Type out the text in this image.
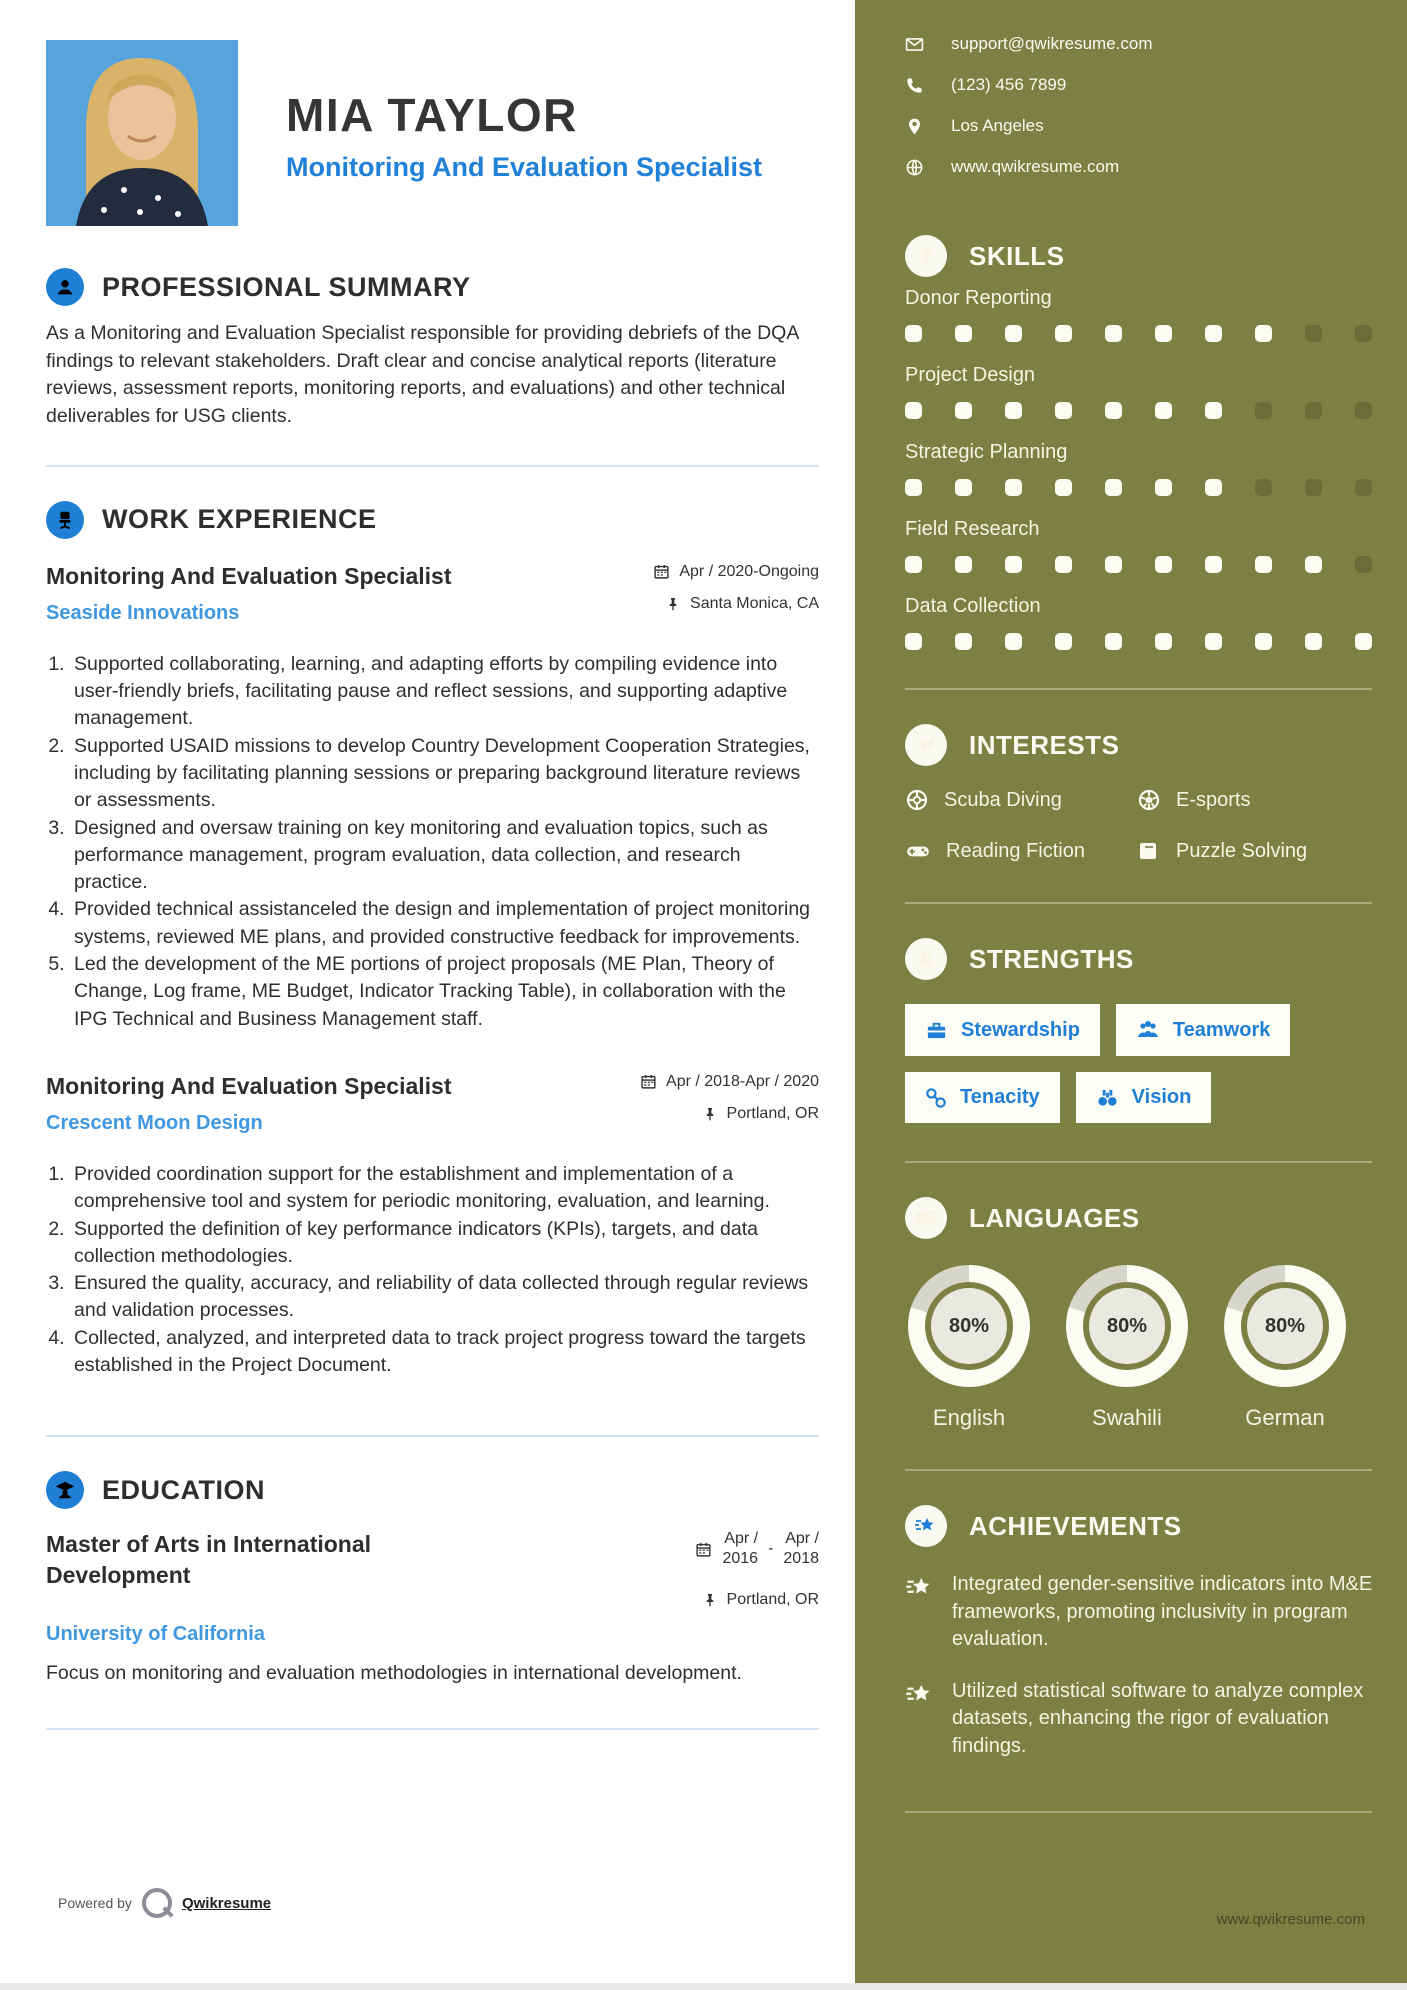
MIA TAYLOR
Monitoring And Evaluation Specialist
PROFESSIONAL SUMMARY

As a Monitoring and Evaluation Specialist responsible for providing debriefs of the DQA findings to relevant stakeholders. Draft clear and concise analytical reports (literature reviews, assessment reports, monitoring reports, and evaluations) and other technical deliverables for USG clients.

WORK EXPERIENCE
Monitoring And Evaluation Specialist
Seaside Innovations
Apr / 2020-Ongoing
Santa Monica, CA
1. Supported collaborating, learning, and adapting efforts by compiling evidence into user-friendly briefs, facilitating pause and reflect sessions, and supporting adaptive management.
2. Supported USAID missions to develop Country Development Cooperation Strategies, including by facilitating planning sessions or preparing background literature reviews or assessments.
3. Designed and oversaw training on key monitoring and evaluation topics, such as performance management, program evaluation, data collection, and research practice.
4. Provided technical assistanceled the design and implementation of project monitoring systems, reviewed ME plans, and provided constructive feedback for improvements.
5. Led the development of the ME portions of project proposals (ME Plan, Theory of Change, Log frame, ME Budget, Indicator Tracking Table), in collaboration with the IPG Technical and Business Management staff.
Monitoring And Evaluation Specialist
Crescent Moon Design
Apr / 2018-Apr / 2020
Portland, OR
1. Provided coordination support for the establishment and implementation of a comprehensive tool and system for periodic monitoring, evaluation, and learning.
2. Supported the definition of key performance indicators (KPIs), targets, and data collection methodologies.
3. Ensured the quality, accuracy, and reliability of data collected through regular reviews and validation processes.
4. Collected, analyzed, and interpreted data to track project progress toward the targets established in the Project Document.
EDUCATION
Master of Arts in International Development
Apr /
2016
-
Apr /
2018
Portland, OR
University of California

Focus on monitoring and evaluation methodologies in international development.

Powered by	Qwikresume
support@qwikresume.com
(123) 456 7899
Los Angeles
www.qwikresume.com
SKILLS
Donor Reporting
Project Design
Strategic Planning
Field Research
Data Collection
INTERESTS
Scuba Diving	E-sports
Reading Fiction	Puzzle Solving
STRENGTHS
Stewardship	Teamwork
Tenacity	Vision
LANGUAGES
80%
English
80%
Swahili
80%
German
ACHIEVEMENTS

Integrated gender-sensitive indicators into M&E frameworks, promoting inclusivity in program evaluation.

Utilized statistical software to analyze complex datasets, enhancing the rigor of evaluation findings.

www.qwikresume.com
